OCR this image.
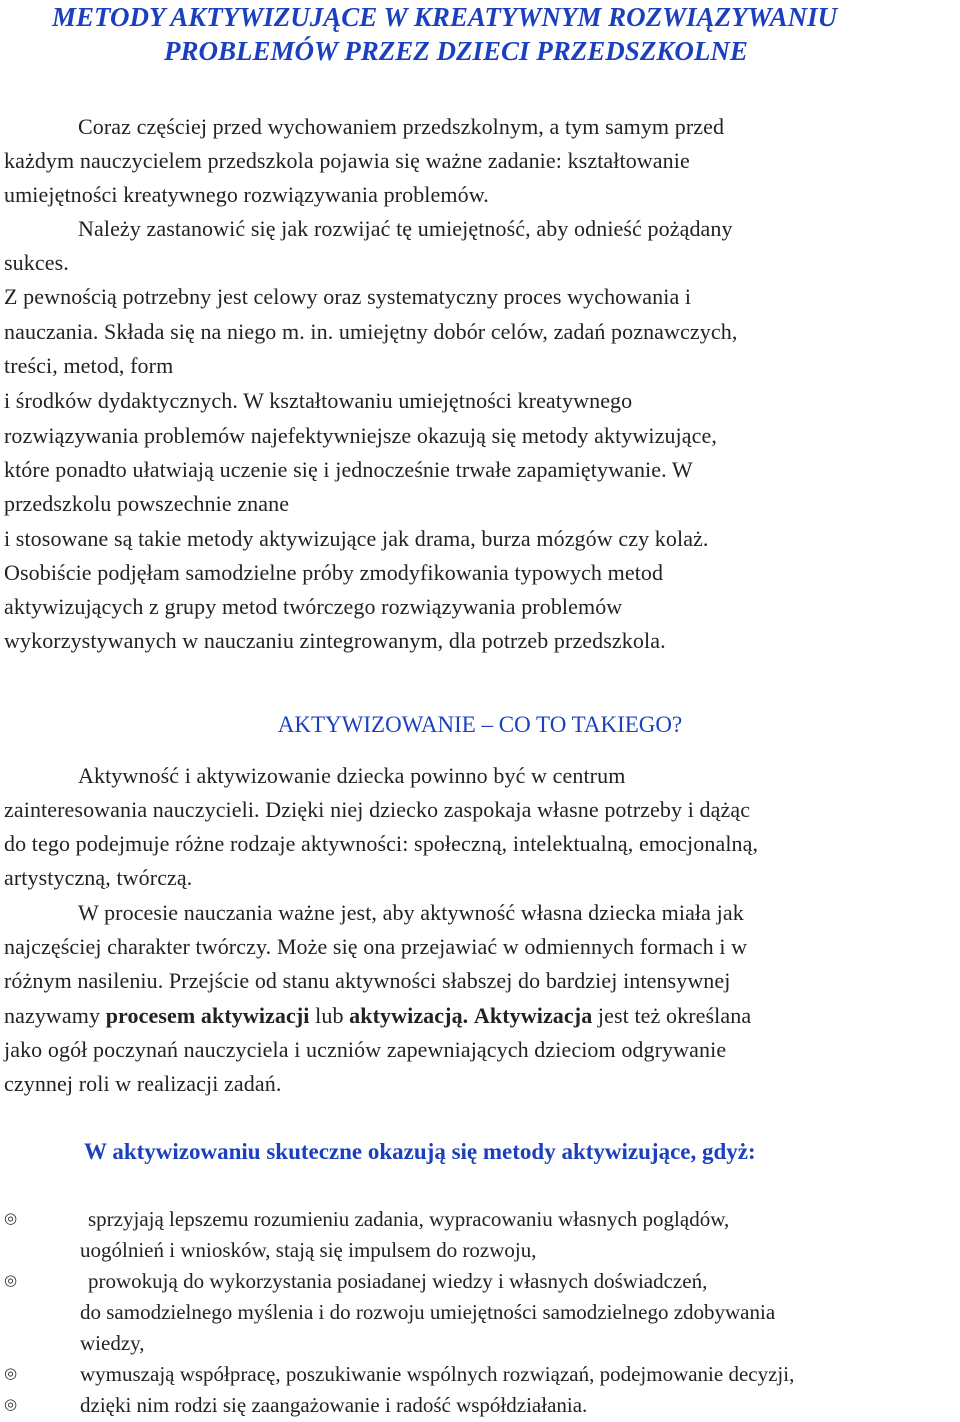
METODY AKTYWIZUJĄCE W KREATYWNYM ROZWIĄZYWANIU
PROBLEMÓW PRZEZ DZIECI PRZEDSZKOLNE
Coraz częściej przed wychowaniem przedszkolnym, a tym samym przed
każdym nauczycielem przedszkola pojawia się ważne zadanie: kształtowanie
umiejętności kreatywnego rozwiązywania problemów.
Należy zastanowić się jak rozwijać tę umiejętność, aby odnieść pożądany
sukces.
Z pewnością potrzebny jest celowy oraz systematyczny proces wychowania i
nauczania. Składa się na niego m. in. umiejętny dobór celów, zadań poznawczych,
treści, metod, form
i środków dydaktycznych. W kształtowaniu umiejętności kreatywnego
rozwiązywania problemów najefektywniejsze okazują się metody aktywizujące,
które ponadto ułatwiają uczenie się i jednocześnie trwałe zapamiętywanie. W
przedszkolu powszechnie znane
i stosowane są takie metody aktywizujące jak drama, burza mózgów czy kolaż.
Osobiście podjęłam samodzielne próby zmodyfikowania typowych metod
aktywizujących z grupy metod twórczego rozwiązywania problemów
wykorzystywanych w nauczaniu zintegrowanym, dla potrzeb przedszkola.
AKTYWIZOWANIE – CO TO TAKIEGO?
Aktywność i aktywizowanie dziecka powinno być w centrum
zainteresowania nauczycieli. Dzięki niej dziecko zaspokaja własne potrzeby i dążąc
do tego podejmuje różne rodzaje aktywności: społeczną, intelektualną, emocjonalną,
artystyczną, twórczą.
W procesie nauczania ważne jest, aby aktywność własna dziecka miała jak
najczęściej charakter twórczy. Może się ona przejawiać w odmiennych formach i w
różnym nasileniu. Przejście od stanu aktywności słabszej do bardziej intensywnej
nazywamy procesem aktywizacji lub aktywizacją. Aktywizacja jest też określana
jako ogół poczynań nauczyciela i uczniów zapewniających dzieciom odgrywanie
czynnej roli w realizacji zadań.
W aktywizowaniu skuteczne okazują się metody aktywizujące, gdyż:
◎	sprzyjają lepszemu rozumieniu zadania, wypracowaniu własnych poglądów,
uogólnień i wniosków, stają się impulsem do rozwoju,
◎	prowokują do wykorzystania posiadanej wiedzy i własnych doświadczeń,
do samodzielnego myślenia i do rozwoju umiejętności samodzielnego zdobywania
wiedzy,
◎	wymuszają współpracę, poszukiwanie wspólnych rozwiązań, podejmowanie decyzji,
◎	dzięki nim rodzi się zaangażowanie i radość współdziałania.
